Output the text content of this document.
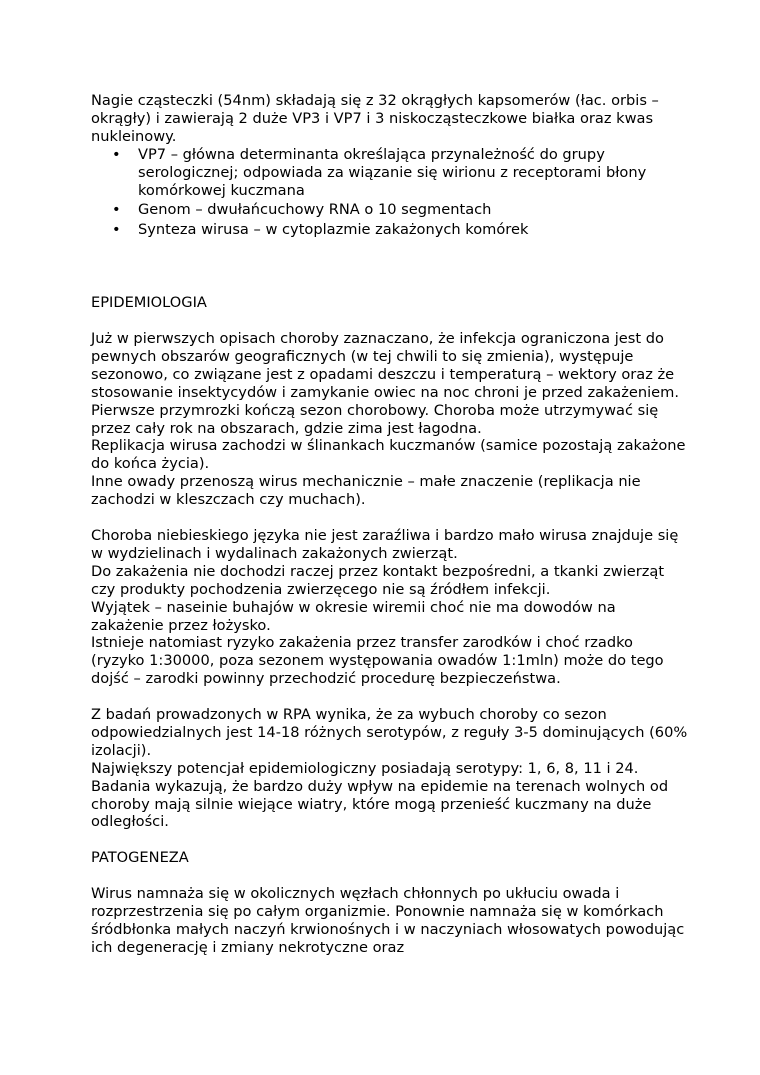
Nagie cząsteczki (54nm) składają się z 32 okrągłych kapsomerów (łac. orbis – okrągły) i zawierają 2 duże VP3 i VP7 i 3 niskocząsteczkowe białka oraz kwas nukleinowy.

• VP7 – główna determinanta określająca przynależność do grupy serologicznej; odpowiada za wiązanie się wirionu z receptorami błony komórkowej kuczmana
• Genom – dwułańcuchowy RNA o 10 segmentach
• Synteza wirusa – w cytoplazmie zakażonych komórek

EPIDEMIOLOGIA

Już w pierwszych opisach choroby zaznaczano, że infekcja ograniczona jest do pewnych obszarów geograficznych (w tej chwili to się zmienia), występuje sezonowo, co związane jest z opadami deszczu i temperaturą – wektory oraz że stosowanie insektycydów i zamykanie owiec na noc chroni je przed zakażeniem.

Pierwsze przymrozki kończą sezon chorobowy. Choroba może utrzymywać się przez cały rok na obszarach, gdzie zima jest łagodna.

Replikacja wirusa zachodzi w ślinankach kuczmanów (samice pozostają zakażone do końca życia).

Inne owady przenoszą wirus mechanicznie – małe znaczenie (replikacja nie zachodzi w kleszczach czy muchach).

Choroba niebieskiego języka nie jest zaraźliwa i bardzo mało wirusa znajduje się w wydzielinach i wydalinach zakażonych zwierząt.

Do zakażenia nie dochodzi raczej przez kontakt bezpośredni, a tkanki zwierząt czy produkty pochodzenia zwierzęcego nie są źródłem infekcji.

Wyjątek – naseinie buhajów w okresie wiremii choć nie ma dowodów na zakażenie przez łożysko.

Istnieje natomiast ryzyko zakażenia przez transfer zarodków i choć rzadko (ryzyko 1:30000, poza sezonem występowania owadów 1:1mln) może do tego dojść – zarodki powinny przechodzić procedurę bezpieczeństwa.

Z badań prowadzonych w RPA wynika, że za wybuch choroby co sezon odpowiedzialnych jest 14-18 różnych serotypów, z reguły 3-5 dominujących (60% izolacji).

Największy potencjał epidemiologiczny posiadają serotypy: 1, 6, 8, 11 i 24.

Badania wykazują, że bardzo duży wpływ na epidemie na terenach wolnych od choroby mają silnie wiejące wiatry, które mogą przenieść kuczmany na duże odległości.

PATOGENEZA

Wirus namnaża się w okolicznych węzłach chłonnych po ukłuciu owada i rozprzestrzenia się po całym organizmie. Ponownie namnaża się w komórkach śródbłonka małych naczyń krwionośnych i w naczyniach włosowatych powodując ich degenerację i zmiany nekrotyczne oraz
